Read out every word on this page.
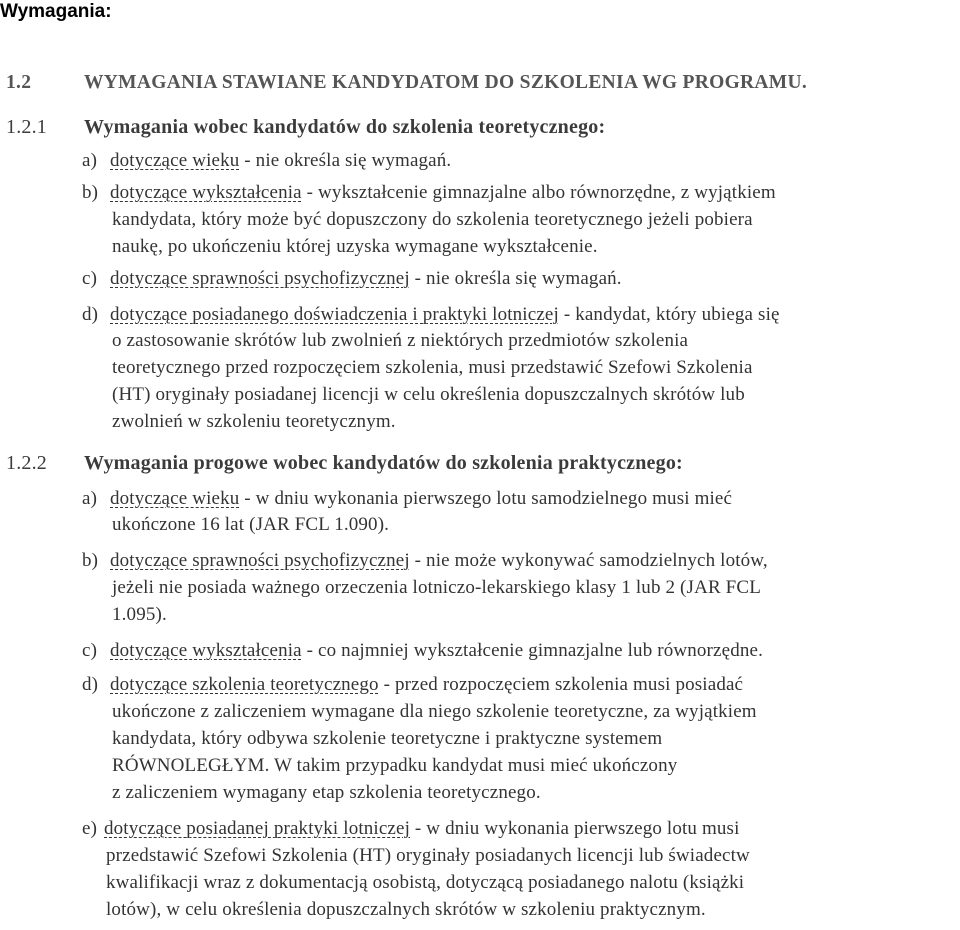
Wymagania:
1.2	WYMAGANIA STAWIANE KANDYDATOM DO SZKOLENIA WG PROGRAMU.
1.2.1 Wymagania wobec kandydatów do szkolenia teoretycznego:
a) dotyczące wieku - nie określa się wymagań.
b) dotyczące wykształcenia - wykształcenie gimnazjalne albo równorzędne, z wyjątkiem
kandydata, który może być dopuszczony do szkolenia teoretycznego jeżeli pobiera
naukę, po ukończeniu której uzyska wymagane wykształcenie.
c) dotyczące sprawności psychofizycznej - nie określa się wymagań.
d) dotyczące posiadanego doświadczenia i praktyki lotniczej - kandydat, który ubiega się
o zastosowanie skrótów lub zwolnień z niektórych przedmiotów szkolenia
teoretycznego przed rozpoczęciem szkolenia, musi przedstawić Szefowi Szkolenia
(HT) oryginały posiadanej licencji w celu określenia dopuszczalnych skrótów lub
zwolnień w szkoleniu teoretycznym.
1.2.2 Wymagania progowe wobec kandydatów do szkolenia praktycznego:
a) dotyczące wieku - w dniu wykonania pierwszego lotu samodzielnego musi mieć
ukończone 16 lat (JAR FCL 1.090).
b) dotyczące sprawności psychofizycznej - nie może wykonywać samodzielnych lotów,
jeżeli nie posiada ważnego orzeczenia lotniczo-lekarskiego klasy 1 lub 2 (JAR FCL
1.095).
c) dotyczące wykształcenia - co najmniej wykształcenie gimnazjalne lub równorzędne.
d) dotyczące szkolenia teoretycznego - przed rozpoczęciem szkolenia musi posiadać
ukończone z zaliczeniem wymagane dla niego szkolenie teoretyczne, za wyjątkiem
kandydata, który odbywa szkolenie teoretyczne i praktyczne systemem
RÓWNOLEGŁYM. W takim przypadku kandydat musi mieć ukończony
z zaliczeniem wymagany etap szkolenia teoretycznego.
e) dotyczące posiadanej praktyki lotniczej - w dniu wykonania pierwszego lotu musi
przedstawić Szefowi Szkolenia (HT) oryginały posiadanych licencji lub świadectw
kwalifikacji wraz z dokumentacją osobistą, dotyczącą posiadanego nalotu (książki
lotów), w celu określenia dopuszczalnych skrótów w szkoleniu praktycznym.
